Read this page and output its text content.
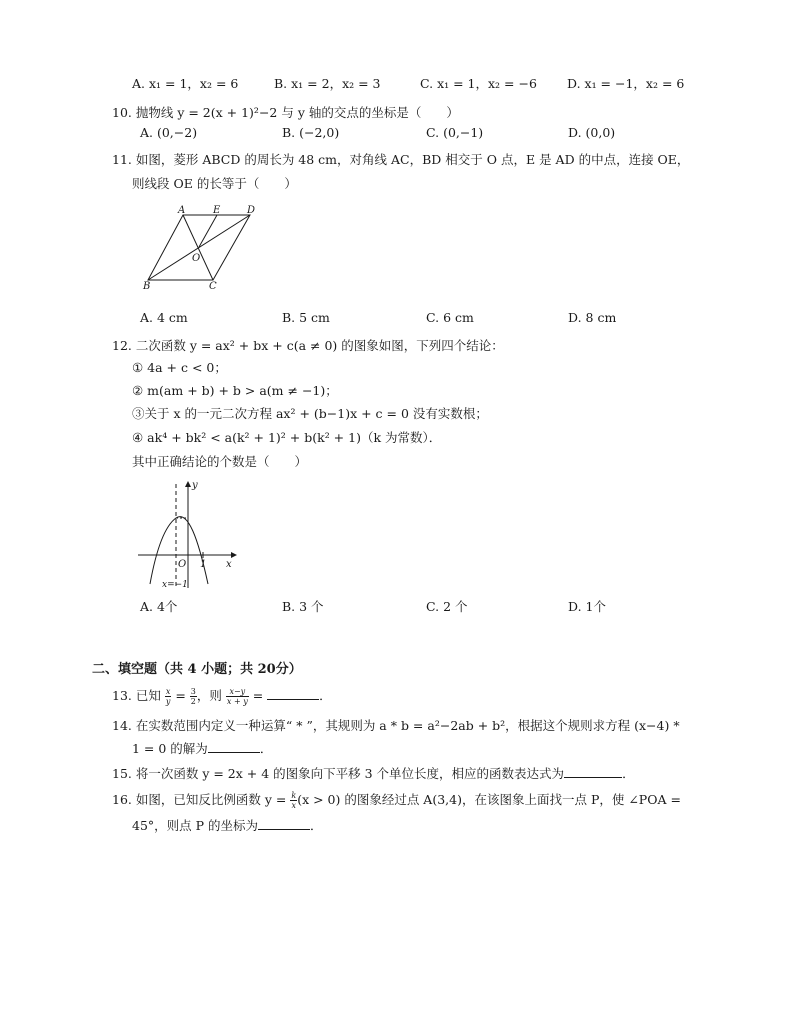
A. x₁ = 1，x₂ = 6	B. x₁ = 2，x₂ = 3	C. x₁ = 1，x₂ = −6 D. x₁ = −1，x₂ = 6
10. 抛物线 y = 2(x + 1)²−2 与 y 轴的交点的坐标是（　　）
A. (0,−2)	B. (−2,0)	C. (0,−1)	D. (0,0)
11. 如图，菱形 ABCD 的周长为 48 cm，对角线 AC，BD 相交于 O 点，E 是 AD 的中点，连接 OE，
则线段 OE 的长等于（　　）
A	E	D
O
B	C
A. 4 cm	B. 5 cm	C. 6 cm	D. 8 cm
12. 二次函数 y = ax² + bx + c(a ≠ 0) 的图象如图，下列四个结论：
① 4a + c < 0；
② m(am + b) + b > a(m ≠ −1)；
③关于 x 的一元二次方程 ax² + (b−1)x + c = 0 没有实数根；
④ ak⁴ + bk² < a(k² + 1)² + b(k² + 1)（k 为常数）．
其中正确结论的个数是（　　）
y
x
O 1
x=−1
A. 4个	B. 3 个	C. 2 个	D. 1个
二、填空题（共 4 小题；共 20分）
13. 已知 $\frac{x}{y} = \frac{3}{2}$ ，则 $\frac{x-y}{x + y}$ =	．
14. 在实数范围内定义一种运算“ * ”，其规则为 a * b = a²−2ab + b²，根据这个规则求方程 (x−4) *
1 = 0 的解为	．
15. 将一次函数 y = 2x + 4 的图象向下平移 3 个单位长度，相应的函数表达式为	．
16. 如图，已知反比例函数 $y = \frac{k}{x} (x > 0)$ 的图象经过点 A(3,4)，在该图象上面找一点 P，使 ∠POA =
45°，则点 P 的坐标为	．
